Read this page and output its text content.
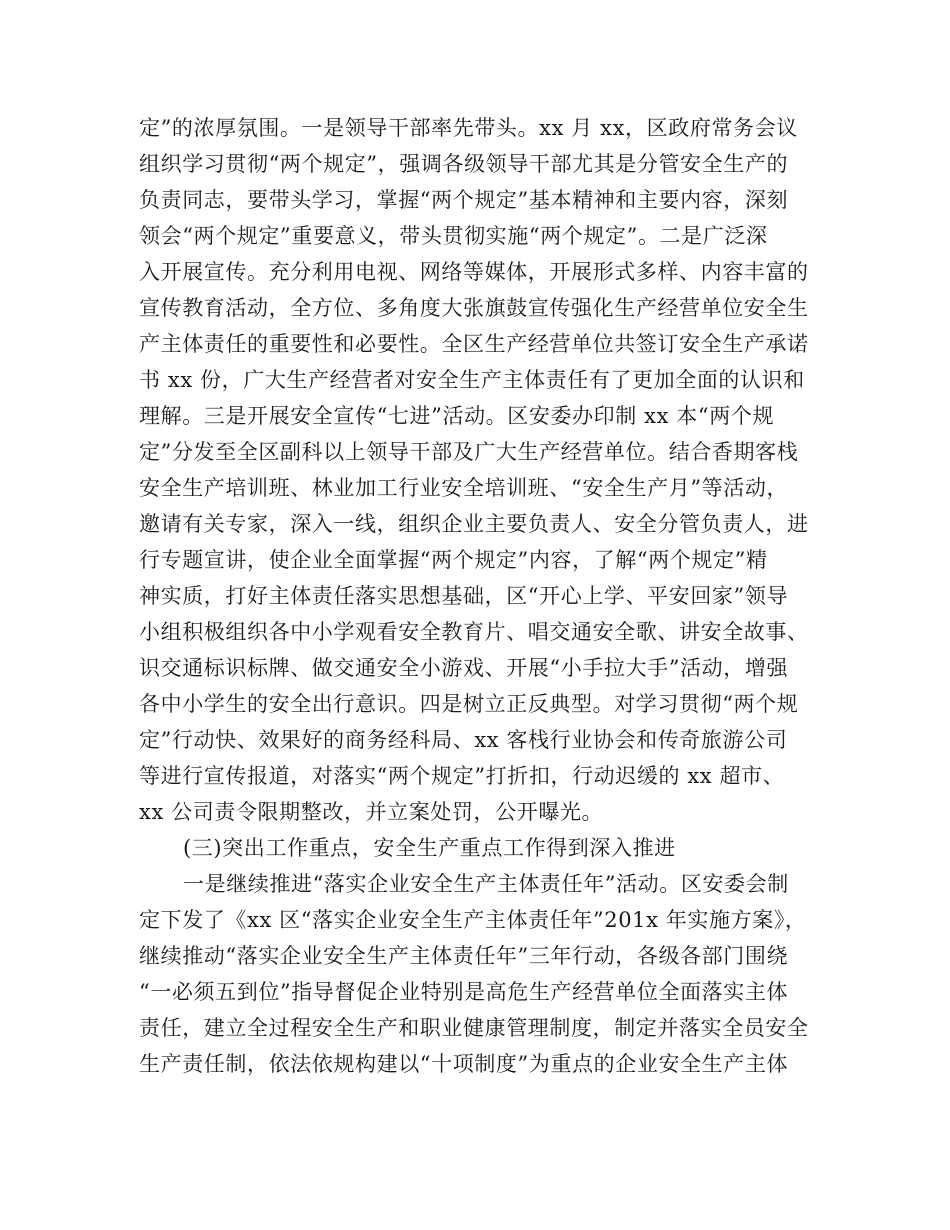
定”的浓厚氛围。一是领导干部率先带头。xx 月 xx，区政府常务会议
组织学习贯彻“两个规定”，强调各级领导干部尤其是分管安全生产的
负责同志，要带头学习，掌握“两个规定”基本精神和主要内容，深刻
领会“两个规定”重要意义，带头贯彻实施“两个规定”。二是广泛深
入开展宣传。充分利用电视、网络等媒体，开展形式多样、内容丰富的
宣传教育活动，全方位、多角度大张旗鼓宣传强化生产经营单位安全生
产主体责任的重要性和必要性。全区生产经营单位共签订安全生产承诺
书 xx 份，广大生产经营者对安全生产主体责任有了更加全面的认识和
理解。三是开展安全宣传“七进”活动。区安委办印制 xx 本“两个规
定”分发至全区副科以上领导干部及广大生产经营单位。结合香期客栈
安全生产培训班、林业加工行业安全培训班、“安全生产月”等活动，
邀请有关专家，深入一线，组织企业主要负责人、安全分管负责人，进
行专题宣讲，使企业全面掌握“两个规定”内容，了解“两个规定”精
神实质，打好主体责任落实思想基础，区“开心上学、平安回家”领导
小组积极组织各中小学观看安全教育片、唱交通安全歌、讲安全故事、
识交通标识标牌、做交通安全小游戏、开展“小手拉大手”活动，增强
各中小学生的安全出行意识。四是树立正反典型。对学习贯彻“两个规
定”行动快、效果好的商务经科局、xx 客栈行业协会和传奇旅游公司
等进行宣传报道，对落实“两个规定”打折扣，行动迟缓的 xx 超市、
xx 公司责令限期整改，并立案处罚，公开曝光。
(三)突出工作重点，安全生产重点工作得到深入推进
一是继续推进“落实企业安全生产主体责任年”活动。区安委会制
定下发了《xx 区“落实企业安全生产主体责任年”201x 年实施方案》，
继续推动“落实企业安全生产主体责任年”三年行动，各级各部门围绕
“一必须五到位”指导督促企业特别是高危生产经营单位全面落实主体
责任，建立全过程安全生产和职业健康管理制度，制定并落实全员安全
生产责任制，依法依规构建以“十项制度”为重点的企业安全生产主体
